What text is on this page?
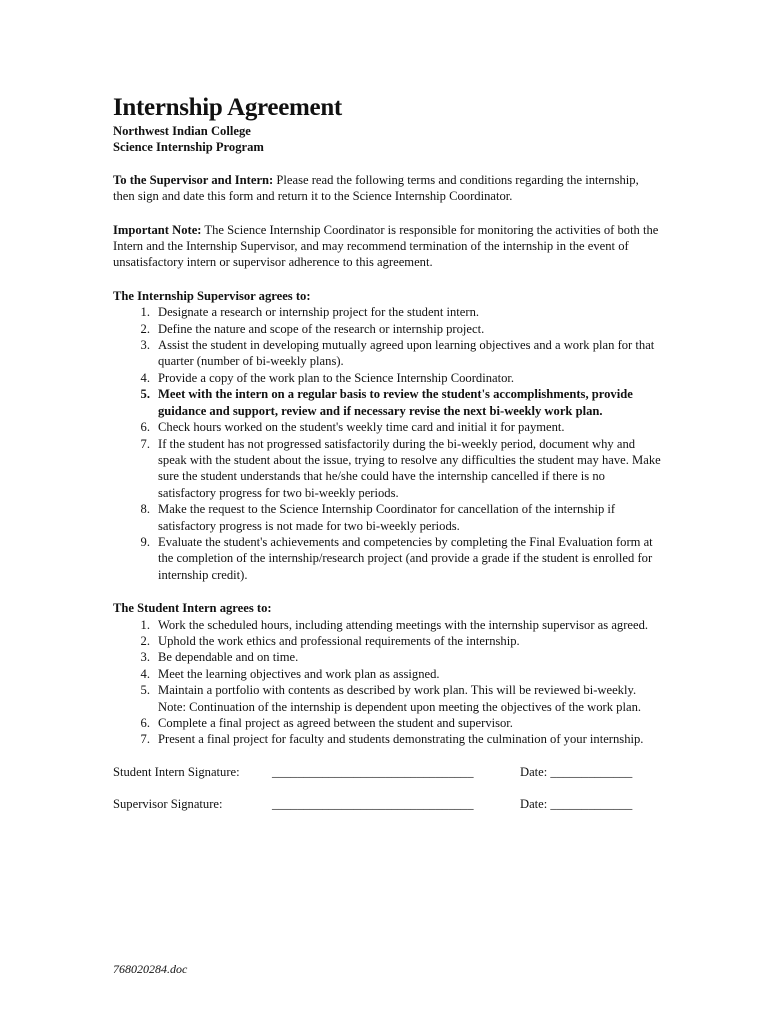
Internship Agreement

Northwest Indian College

Science Internship Program

To the Supervisor and Intern: Please read the following terms and conditions regarding the internship, then sign and date this form and return it to the Science Internship Coordinator.

Important Note: The Science Internship Coordinator is responsible for monitoring the activities of both the Intern and the Internship Supervisor, and may recommend termination of the internship in the event of unsatisfactory intern or supervisor adherence to this agreement.

The Internship Supervisor agrees to:

1. Designate a research or internship project for the student intern.
2. Define the nature and scope of the research or internship project.
3. Assist the student in developing mutually agreed upon learning objectives and a work plan for that quarter (number of bi-weekly plans).
4. Provide a copy of the work plan to the Science Internship Coordinator.
5. Meet with the intern on a regular basis to review the student's accomplishments, provide guidance and support, review and if necessary revise the next bi-weekly work plan.
6. Check hours worked on the student's weekly time card and initial it for payment.
7. If the student has not progressed satisfactorily during the bi-weekly period, document why and speak with the student about the issue, trying to resolve any difficulties the student may have. Make sure the student understands that he/she could have the internship cancelled if there is no satisfactory progress for two bi-weekly periods.
8. Make the request to the Science Internship Coordinator for cancellation of the internship if satisfactory progress is not made for two bi-weekly periods.
9. Evaluate the student's achievements and competencies by completing the Final Evaluation form at the completion of the internship/research project (and provide a grade if the student is enrolled for internship credit).

The Student Intern agrees to:

1. Work the scheduled hours, including attending meetings with the internship supervisor as agreed.
2. Uphold the work ethics and professional requirements of the internship.
3. Be dependable and on time.
4. Meet the learning objectives and work plan as assigned.
5. Maintain a portfolio with contents as described by work plan. This will be reviewed bi-weekly. Note: Continuation of the internship is dependent upon meeting the objectives of the work plan.
6. Complete a final project as agreed between the student and supervisor.
7. Present a final project for faculty and students demonstrating the culmination of your internship.
Student Intern Signature:	________________________________	Date: _____________
Supervisor Signature:	________________________________	Date: _____________
768020284.doc
